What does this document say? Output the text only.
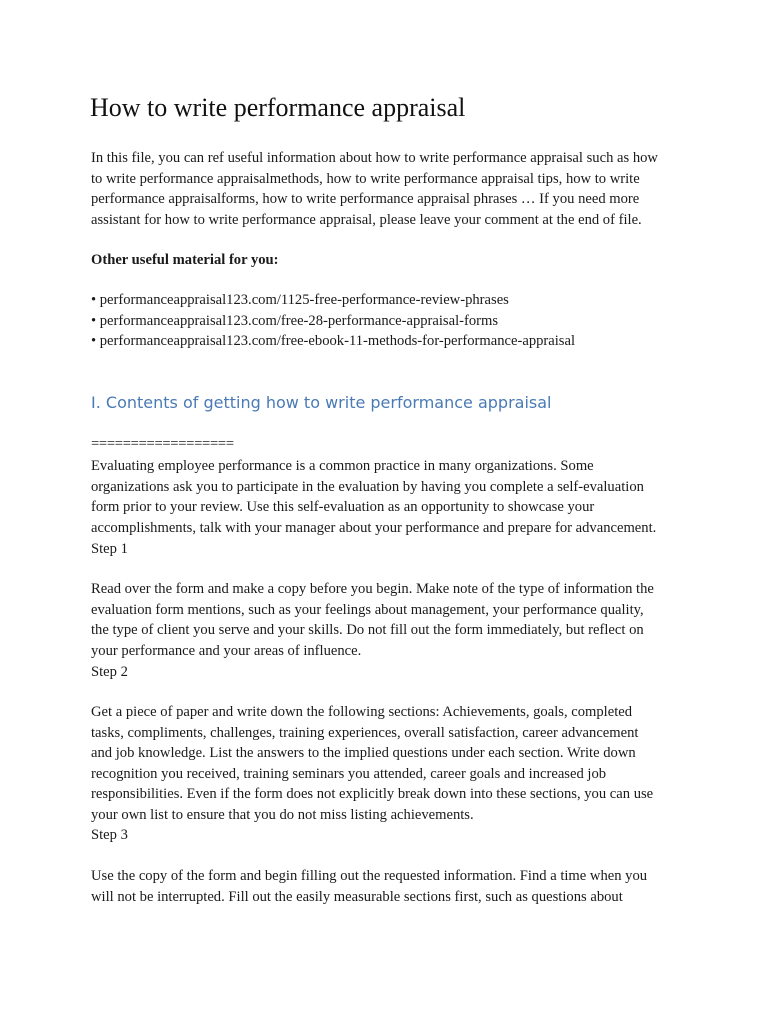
How to write performance appraisal

In this file, you can ref useful information about how to write performance appraisal such as how
to write performance appraisalmethods, how to write performance appraisal tips, how to write
performance appraisalforms, how to write performance appraisal phrases … If you need more
assistant for how to write performance appraisal, please leave your comment at the end of file.

Other useful material for you:

• performanceappraisal123.com/1125-free-performance-review-phrases
• performanceappraisal123.com/free-28-performance-appraisal-forms
• performanceappraisal123.com/free-ebook-11-methods-for-performance-appraisal
I. Contents of getting how to write performance appraisal

==================

Evaluating employee performance is a common practice in many organizations. Some
organizations ask you to participate in the evaluation by having you complete a self-evaluation
form prior to your review. Use this self-evaluation as an opportunity to showcase your
accomplishments, talk with your manager about your performance and prepare for advancement.

Step 1

Read over the form and make a copy before you begin. Make note of the type of information the
evaluation form mentions, such as your feelings about management, your performance quality,
the type of client you serve and your skills. Do not fill out the form immediately, but reflect on
your performance and your areas of influence.

Step 2

Get a piece of paper and write down the following sections: Achievements, goals, completed
tasks, compliments, challenges, training experiences, overall satisfaction, career advancement
and job knowledge. List the answers to the implied questions under each section. Write down
recognition you received, training seminars you attended, career goals and increased job
responsibilities. Even if the form does not explicitly break down into these sections, you can use
your own list to ensure that you do not miss listing achievements.

Step 3

Use the copy of the form and begin filling out the requested information. Find a time when you
will not be interrupted. Fill out the easily measurable sections first, such as questions about
